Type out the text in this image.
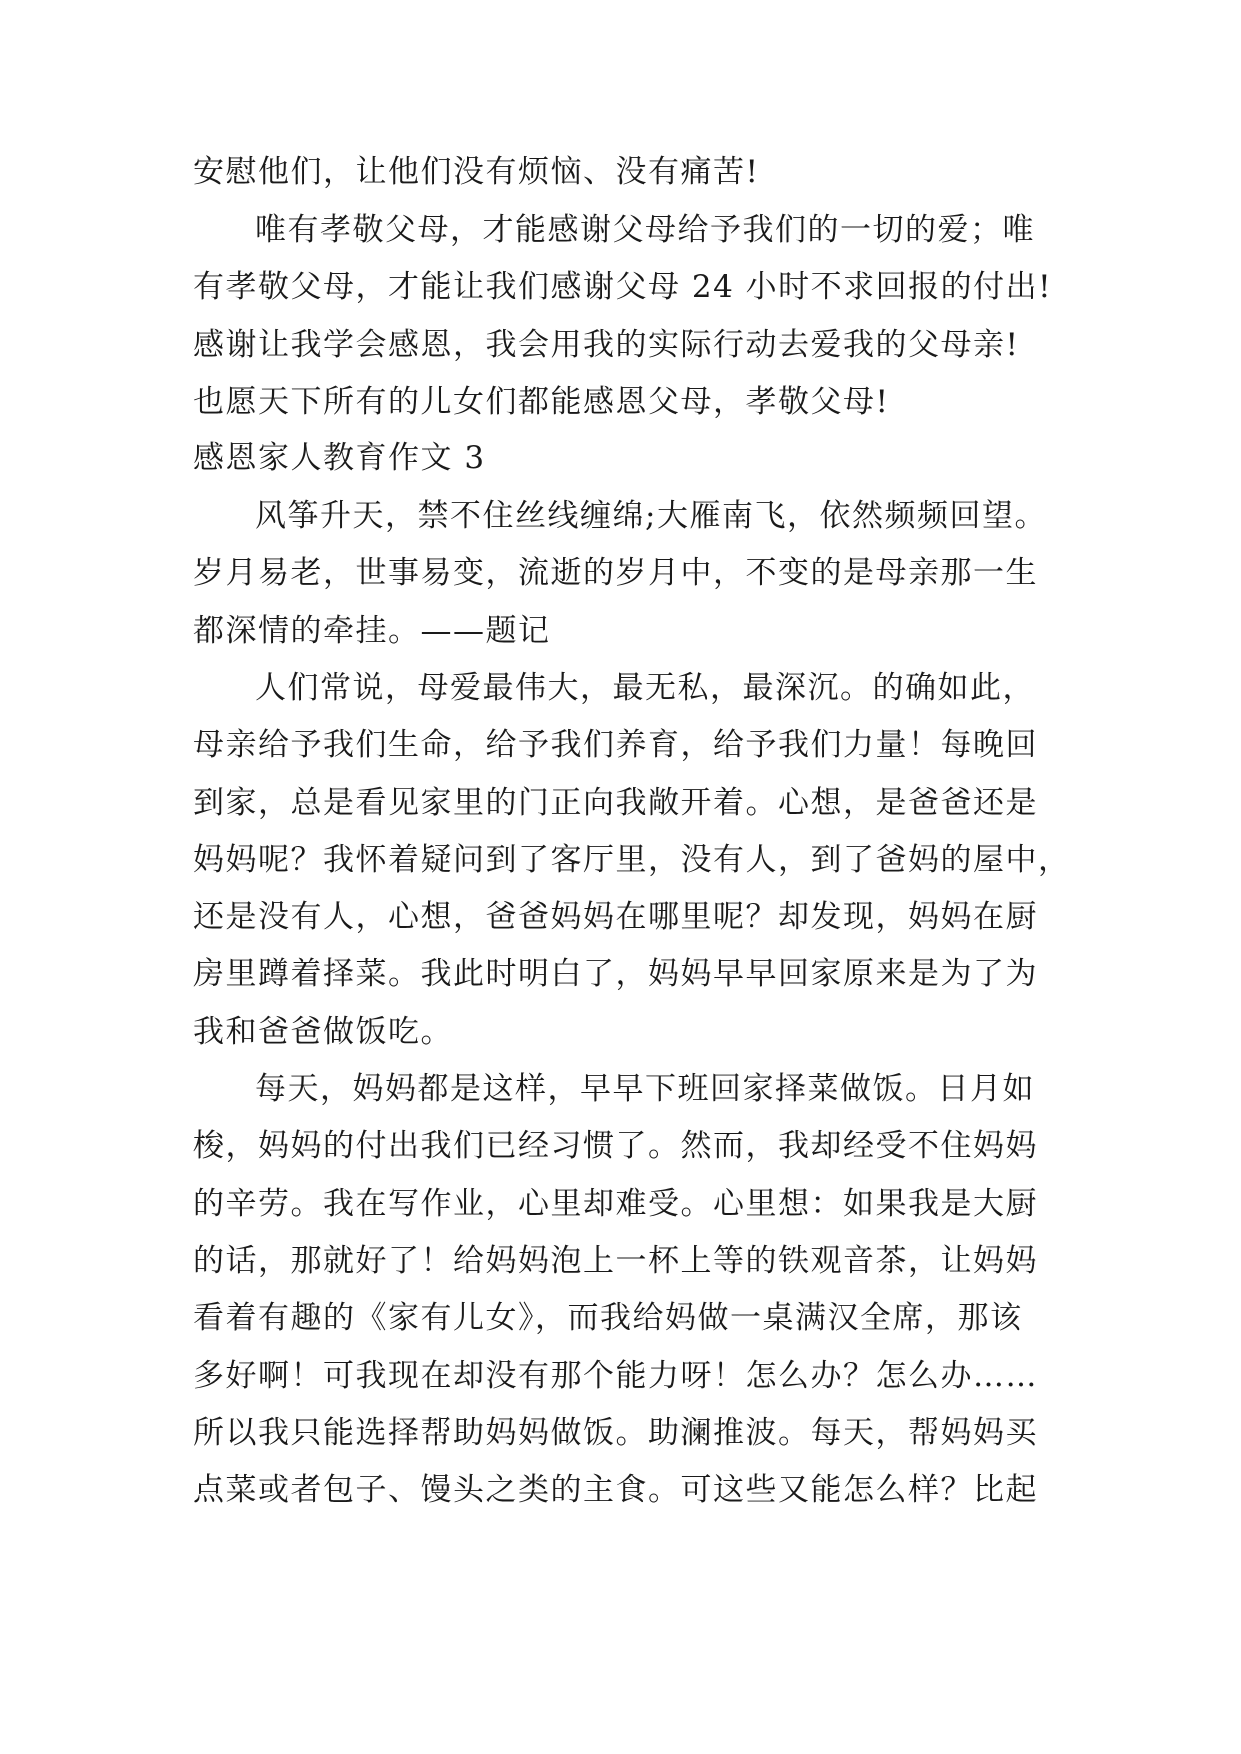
安慰他们，让他们没有烦恼、没有痛苦!
唯有孝敬父母，才能感谢父母给予我们的一切的爱；唯
有孝敬父母，才能让我们感谢父母 24 小时不求回报的付出!
感谢让我学会感恩，我会用我的实际行动去爱我的父母亲!
也愿天下所有的儿女们都能感恩父母，孝敬父母!
感恩家人教育作文 3
风筝升天，禁不住丝线缠绵;大雁南飞，依然频频回望。
岁月易老，世事易变，流逝的岁月中，不变的是母亲那一生
都深情的牵挂。——题记
人们常说，母爱最伟大，最无私，最深沉。的确如此，
母亲给予我们生命，给予我们养育，给予我们力量！每晚回
到家，总是看见家里的门正向我敞开着。心想，是爸爸还是
妈妈呢？我怀着疑问到了客厅里，没有人，到了爸妈的屋中，
还是没有人，心想，爸爸妈妈在哪里呢？却发现，妈妈在厨
房里蹲着择菜。我此时明白了，妈妈早早回家原来是为了为
我和爸爸做饭吃。
每天，妈妈都是这样，早早下班回家择菜做饭。日月如
梭，妈妈的付出我们已经习惯了。然而，我却经受不住妈妈
的辛劳。我在写作业，心里却难受。心里想：如果我是大厨
的话，那就好了！给妈妈泡上一杯上等的铁观音茶，让妈妈
看着有趣的《家有儿女》，而我给妈做一桌满汉全席，那该
多好啊！可我现在却没有那个能力呀！怎么办？怎么办……
所以我只能选择帮助妈妈做饭。助澜推波。每天，帮妈妈买
点菜或者包子、馒头之类的主食。可这些又能怎么样？比起
